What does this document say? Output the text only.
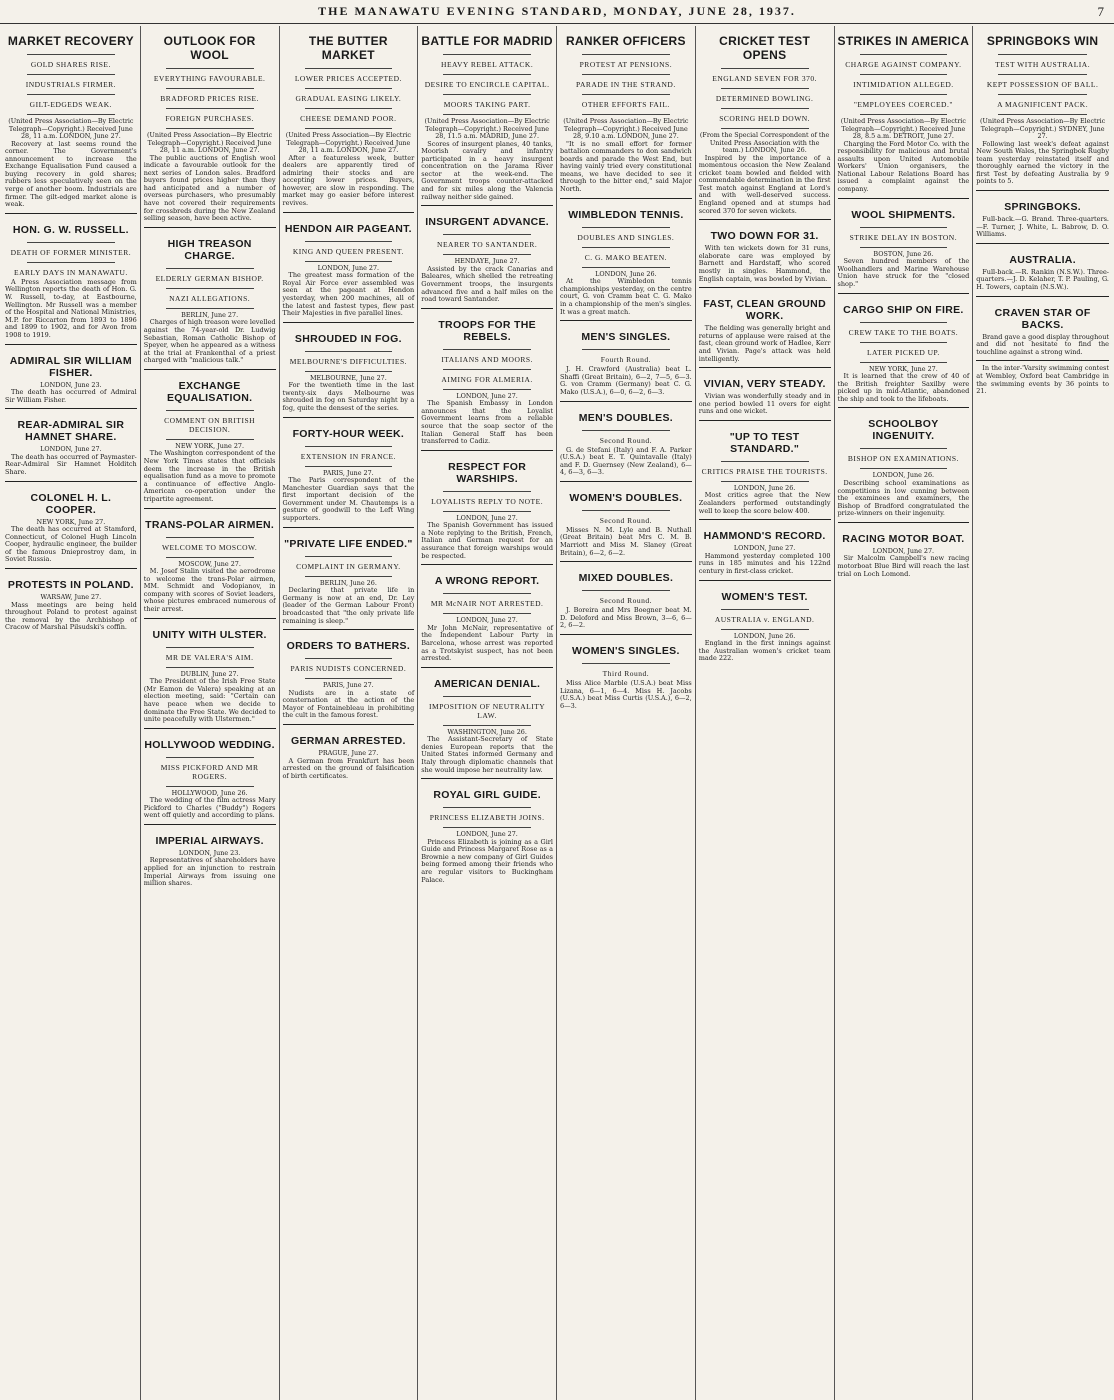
THE MANAWATU EVENING STANDARD, MONDAY, JUNE 28, 1937.	7
MARKET RECOVERY
GOLD SHARES RISE.
INDUSTRIALS FIRMER.
GILT-EDGEDS WEAK.
(United Press Association—By Electric Telegraph—Copyright.) Received June 28, 11 a.m. LONDON, June 27.

Recovery at last seems round the corner. The Government's announcement to increase the Exchange Equalisation Fund caused a buying recovery in gold shares; rubbers less speculatively seen on the verge of another boom. Industrials are firmer. The gilt-edged market alone is weak.

HON. G. W. RUSSELL.
DEATH OF FORMER MINISTER.
EARLY DAYS IN MANAWATU.

A Press Association message from Wellington reports the death of Hon. G. W. Russell, to-day, at Eastbourne, Wellington. Mr Russell was a member of the Hospital and National Ministries, M.P. for Riccarton from 1893 to 1896 and 1899 to 1902, and for Avon from 1908 to 1919.

ADMIRAL SIR WILLIAM FISHER.
LONDON, June 23.

The death has occurred of Admiral Sir William Fisher.

REAR-ADMIRAL SIR HAMNET SHARE.
LONDON, June 27.

The death has occurred of Paymaster-Rear-Admiral Sir Hamnet Holditch Share.

COLONEL H. L. COOPER.
NEW YORK, June 27.

The death has occurred at Stamford, Connecticut, of Colonel Hugh Lincoln Cooper, hydraulic engineer, the builder of the famous Dnieprostroy dam, in Soviet Russia.

PROTESTS IN POLAND.
WARSAW, June 27.

Mass meetings are being held throughout Poland to protest against the removal by the Archbishop of Cracow of Marshal Pilsudski's coffin.

OUTLOOK FOR WOOL
EVERYTHING FAVOURABLE.
BRADFORD PRICES RISE.
FOREIGN PURCHASES.
(United Press Association—By Electric Telegraph—Copyright.) Received June 28, 11 a.m. LONDON, June 27.

The public auctions of English wool indicate a favourable outlook for the next series of London sales. Bradford buyers found prices higher than they had anticipated and a number of overseas purchasers, who presumably have not covered their requirements for crossbreds during the New Zealand selling season, have been active.

HIGH TREASON CHARGE.
ELDERLY GERMAN BISHOP.
NAZI ALLEGATIONS.
BERLIN, June 27.

Charges of high treason were levelled against the 74-year-old Dr. Ludwig Sebastian, Roman Catholic Bishop of Speyer, when he appeared as a witness at the trial at Frankenthal of a priest charged with "malicious talk."

EXCHANGE EQUALISATION.
COMMENT ON BRITISH DECISION.
NEW YORK, June 27.

The Washington correspondent of the New York Times states that officials deem the increase in the British equalisation fund as a move to promote a continuance of effective Anglo-American co-operation under the tripartite agreement.

TRANS-POLAR AIRMEN.
WELCOME TO MOSCOW.
MOSCOW, June 27.

M. Josef Stalin visited the aerodrome to welcome the trans-Polar airmen, MM. Schmidt and Vodopianov, in company with scores of Soviet leaders, whose pictures embraced numerous of their arrest.

UNITY WITH ULSTER.
MR DE VALERA'S AIM.
DUBLIN, June 27.

The President of the Irish Free State (Mr Eamon de Valera) speaking at an election meeting, said: "Certain can have peace when we decide to dominate the Free State. We decided to unite peacefully with Ulstermen."

HOLLYWOOD WEDDING.
MISS PICKFORD AND MR ROGERS.
HOLLYWOOD, June 26.

The wedding of the film actress Mary Pickford to Charles ("Buddy") Rogers went off quietly and according to plans.

IMPERIAL AIRWAYS.
LONDON, June 23.

Representatives of shareholders have applied for an injunction to restrain Imperial Airways from issuing one million shares.

THE BUTTER MARKET
LOWER PRICES ACCEPTED.
GRADUAL EASING LIKELY.
CHEESE DEMAND POOR.
(United Press Association—By Electric Telegraph—Copyright.) Received June 28, 11 a.m. LONDON, June 27.

After a featureless week, butter dealers are apparently tired of admiring their stocks and are accepting lower prices. Buyers, however, are slow in responding. The market may go easier before interest revives.

HENDON AIR PAGEANT.
KING AND QUEEN PRESENT.
LONDON, June 27.

The greatest mass formation of the Royal Air Force ever assembled was seen at the pageant at Hendon yesterday, when 200 machines, all of the latest and fastest types, flew past Their Majesties in five parallel lines.

SHROUDED IN FOG.
MELBOURNE'S DIFFICULTIES.
MELBOURNE, June 27.

For the twentieth time in the last twenty-six days Melbourne was shrouded in fog on Saturday night by a fog, quite the densest of the series.

FORTY-HOUR WEEK.
EXTENSION IN FRANCE.
PARIS, June 27.

The Paris correspondent of the Manchester Guardian says that the first important decision of the Government under M. Chautemps is a gesture of goodwill to the Left Wing supporters.

"PRIVATE LIFE ENDED."
COMPLAINT IN GERMANY.
BERLIN, June 26.

Declaring that private life in Germany is now at an end, Dr. Ley (leader of the German Labour Front) broadcasted that "the only private life remaining is sleep."

ORDERS TO BATHERS.
PARIS NUDISTS CONCERNED.
PARIS, June 27.

Nudists are in a state of consternation at the action of the Mayor of Fontainebleau in prohibiting the cult in the famous forest.

GERMAN ARRESTED.
PRAGUE, June 27.

A German from Frankfurt has been arrested on the ground of falsification of birth certificates.

BATTLE FOR MADRID
HEAVY REBEL ATTACK.
DESIRE TO ENCIRCLE CAPITAL.
MOORS TAKING PART.
(United Press Association—By Electric Telegraph—Copyright.) Received June 28, 11.5 a.m. MADRID, June 27.

Scores of insurgent planes, 40 tanks, Moorish cavalry and infantry participated in a heavy insurgent concentration on the Jarama River sector at the week-end. The Government troops counter-attacked and for six miles along the Valencia railway neither side gained.

INSURGENT ADVANCE.
NEARER TO SANTANDER.
HENDAYE, June 27.

Assisted by the crack Canarias and Baleares, which shelled the retreating Government troops, the insurgents advanced five and a half miles on the road toward Santander.

TROOPS FOR THE REBELS.
ITALIANS AND MOORS.
AIMING FOR ALMERIA.
LONDON, June 27.

The Spanish Embassy in London announces that the Loyalist Government learns from a reliable source that the soap sector of the Italian General Staff has been transferred to Cadiz.

RESPECT FOR WARSHIPS.
LOYALISTS REPLY TO NOTE.
LONDON, June 27.

The Spanish Government has issued a Note replying to the British, French, Italian and German request for an assurance that foreign warships would be respected.

A WRONG REPORT.
MR McNAIR NOT ARRESTED.
LONDON, June 27.

Mr John McNair, representative of the Independent Labour Party in Barcelona, whose arrest was reported as a Trotskyist suspect, has not been arrested.

AMERICAN DENIAL.
IMPOSITION OF NEUTRALITY LAW.
WASHINGTON, June 26.

The Assistant-Secretary of State denies European reports that the United States informed Germany and Italy through diplomatic channels that she would impose her neutrality law.

ROYAL GIRL GUIDE.
PRINCESS ELIZABETH JOINS.
LONDON, June 27.

Princess Elizabeth is joining as a Girl Guide and Princess Margaret Rose as a Brownie a new company of Girl Guides being formed among their friends who are regular visitors to Buckingham Palace.

RANKER OFFICERS
PROTEST AT PENSIONS.
PARADE IN THE STRAND.
OTHER EFFORTS FAIL.
(United Press Association—By Electric Telegraph—Copyright.) Received June 28, 9.10 a.m. LONDON, June 27.

"It is no small effort for former battalion commanders to don sandwich boards and parade the West End, but having vainly tried every constitutional means, we have decided to see it through to the bitter end," said Major North.

WIMBLEDON TENNIS.
DOUBLES AND SINGLES.
C. G. MAKO BEATEN.
LONDON, June 26.

At the Wimbledon tennis championships yesterday, on the centre court, G. von Cramm beat C. G. Mako in a championship of the men's singles. It was a great match.

MEN'S SINGLES.
Fourth Round.

J. H. Crawford (Australia) beat L. Shaffi (Great Britain), 6—2, 7—5, 6—3. G. von Cramm (Germany) beat C. G. Mako (U.S.A.), 6—0, 6—2, 6—3.

MEN'S DOUBLES.
Second Round.

G. de Stefani (Italy) and F. A. Parker (U.S.A.) beat E. T. Quintavalle (Italy) and F. D. Guernsey (New Zealand), 6—4, 6—3, 6—3.

WOMEN'S DOUBLES.
Second Round.

Misses N. M. Lyle and B. Nuthall (Great Britain) beat Mrs C. M. B. Marriott and Miss M. Slaney (Great Britain), 6—2, 6—2.

MIXED DOUBLES.
Second Round.

J. Boreira and Mrs Boegner beat M. D. Deloford and Miss Brown, 3—6, 6—2, 6—2.

WOMEN'S SINGLES.
Third Round.

Miss Alice Marble (U.S.A.) beat Miss Lizana, 6—1, 6—4. Miss H. Jacobs (U.S.A.) beat Miss Curtis (U.S.A.), 6—2, 6—3.

CRICKET TEST OPENS
ENGLAND SEVEN FOR 370.
DETERMINED BOWLING.
SCORING HELD DOWN.
(From the Special Correspondent of the United Press Association with the team.) LONDON, June 26.

Inspired by the importance of a momentous occasion the New Zealand cricket team bowled and fielded with commendable determination in the first Test match against England at Lord's and with well-deserved success. England opened and at stumps had scored 370 for seven wickets.

TWO DOWN FOR 31.

With ten wickets down for 31 runs, elaborate care was employed by Barnett and Hardstaff, who scored mostly in singles. Hammond, the English captain, was bowled by Vivian.

FAST, CLEAN GROUND WORK.

The fielding was generally bright and returns of applause were raised at the fast, clean ground work of Hadlee, Kerr and Vivian. Page's attack was held intelligently.

VIVIAN, VERY STEADY.

Vivian was wonderfully steady and in one period bowled 11 overs for eight runs and one wicket.

"UP TO TEST STANDARD."
CRITICS PRAISE THE TOURISTS.
LONDON, June 26.

Most critics agree that the New Zealanders performed outstandingly well to keep the score below 400.

HAMMOND'S RECORD.
LONDON, June 27.

Hammond yesterday completed 100 runs in 185 minutes and his 122nd century in first-class cricket.

WOMEN'S TEST.
AUSTRALIA v. ENGLAND.
LONDON, June 26.

England in the first innings against the Australian women's cricket team made 222.

STRIKES IN AMERICA
CHARGE AGAINST COMPANY.
INTIMIDATION ALLEGED.
"EMPLOYEES COERCED."
(United Press Association—By Electric Telegraph—Copyright.) Received June 28, 8.5 a.m. DETROIT, June 27.

Charging the Ford Motor Co. with the responsibility for malicious and brutal assaults upon United Automobile Workers' Union organisers, the National Labour Relations Board has issued a complaint against the company.

WOOL SHIPMENTS.
STRIKE DELAY IN BOSTON.
BOSTON, June 26.

Seven hundred members of the Woolhandlers and Marine Warehouse Union have struck for the "closed shop."

CARGO SHIP ON FIRE.
CREW TAKE TO THE BOATS.
LATER PICKED UP.
NEW YORK, June 27.

It is learned that the crew of 40 of the British freighter Saxilby were picked up in mid-Atlantic, abandoned the ship and took to the lifeboats.

SCHOOLBOY INGENUITY.
BISHOP ON EXAMINATIONS.
LONDON, June 26.

Describing school examinations as competitions in low cunning between the examinees and examiners, the Bishop of Bradford congratulated the prize-winners on their ingenuity.

RACING MOTOR BOAT.
LONDON, June 27.

Sir Malcolm Campbell's new racing motorboat Blue Bird will reach the last trial on Loch Lomond.

SPRINGBOKS WIN
TEST WITH AUSTRALIA.
KEPT POSSESSION OF BALL.
A MAGNIFICENT PACK.
(United Press Association—By Electric Telegraph—Copyright.) SYDNEY, June 27.

Following last week's defeat against New South Wales, the Springbok Rugby team yesterday reinstated itself and thoroughly earned the victory in the first Test by defeating Australia by 9 points to 5.

SPRINGBOKS.

Full-back.—G. Brand. Three-quarters.—F. Turner, J. White, L. Babrow, D. O. Williams.

AUSTRALIA.

Full-back.—R. Rankin (N.S.W.). Three-quarters.—J. D. Kelaher, T. P. Pauling, G. H. Towers, captain (N.S.W.).

CRAVEN STAR OF BACKS.

Brand gave a good display throughout and did not hesitate to find the touchline against a strong wind.

In the inter-'Varsity swimming contest at Wembley, Oxford beat Cambridge in the swimming events by 36 points to 21.
